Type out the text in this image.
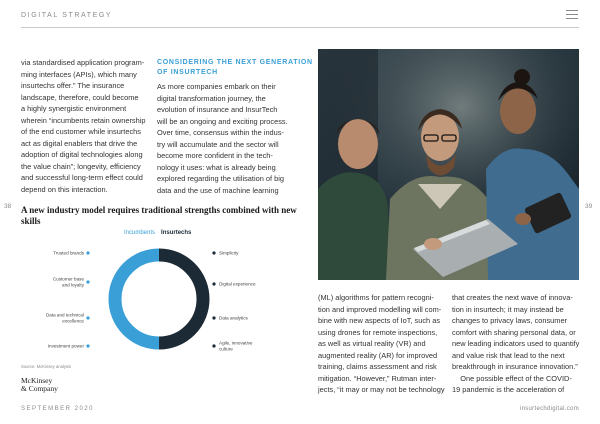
DIGITAL STRATEGY
38	39
via standardised application program-
ming interfaces (APIs), which many
insurtechs offer.” The insurance
landscape, therefore, could become
a highly synergistic environment
wherein “incumbents retain ownership
of the end customer while insurtechs
act as digital enablers that drive the
adoption of digital technologies along
the value chain”; longevity, efficiency
and successful long-term effect could
depend on this interaction.
CONSIDERING THE NEXT GENERATION
OF INSURTECH
As more companies embark on their
digital transformation journey, the
evolution of insurance and InsurTech
will be an ongoing and exciting process.
Over time, consensus within the indus-
try will accumulate and the sector will
become more confident in the tech-
nology it uses: what is already being
explored regarding the utilisation of big
data and the use of machine learning
A new industry model requires traditional strengths combined with new skills
Incumbents Insurtechs
Trusted brands
Customer base and loyalty
Data and technical excellence
Investment power
Simplicity
Digital experience
Data analytics
Agile, innovative culture
Source: McKinsey analysis
McKinsey
& Company
(ML) algorithms for pattern recogni-
tion and improved modelling will com-
bine with new aspects of IoT, such as
using drones for remote inspections,
as well as virtual reality (VR) and
augmented reality (AR) for improved
training, claims assessment and risk
mitigation. “However,” Rutman inter-
jects, “it may or may not be technology
that creates the next wave of innova-
tion in insurtech; it may instead be
changes to privacy laws, consumer
comfort with sharing personal data, or
new leading indicators used to quantify
and value risk that lead to the next
breakthrough in insurance innovation.”
One possible effect of the COVID-
19 pandemic is the acceleration of
SEPTEMBER 2020	insurtechdigital.com
